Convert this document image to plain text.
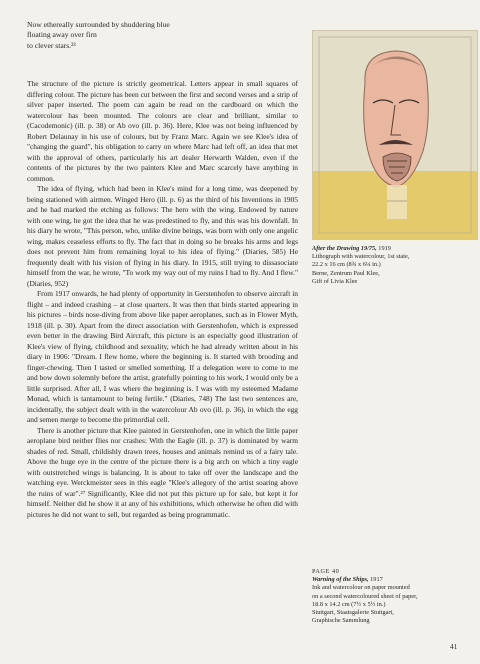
Now ethereally surrounded by shuddering blue
floating away over firn
to clever stars.²³

The structure of the picture is strictly geometrical. Letters appear in small squares of differing colour. The picture has been cut between the first and second verses and a strip of silver paper inserted. The poem can again be read on the cardboard on which the watercolour has been mounted. The colours are clear and brilliant, similar to (Cacodemonic) (ill. p. 38) or Ab ovo (ill. p. 36). Here, Klee was not being influenced by Robert Delaunay in his use of colours, but by Franz Marc. Again we see Klee's idea of "changing the guard", his obligation to carry on where Marc had left off, an idea that met with the approval of others, particularly his art dealer Herwarth Walden, even if the contents of the pictures by the two painters Klee and Marc scarcely have anything in common.

The idea of flying, which had been in Klee's mind for a long time, was deepened by being stationed with airmen. Winged Hero (ill. p. 6) as the third of his Inventions in 1905 and he had marked the etching as follows: The hero with the wing. Endowed by nature with one wing, he got the idea that he was predestined to fly, and this was his downfall. In his diary he wrote, "This person, who, unlike divine beings, was born with only one angelic wing, makes ceaseless efforts to fly. The fact that in doing so he breaks his arms and legs does not prevent him from remaining loyal to his idea of flying." (Diaries, 585) He frequently dealt with his vision of flying in his diary. In 1915, still trying to dissasociate himself from the war, he wrote, "To work my way out of my ruins I had to fly. And I flew." (Diaries, 952)

From 1917 onwards, he had plenty of opportunity in Gerstenhofen to observe aircraft in flight – and indeed crashing – at close quarters. It was then that birds started appearing in his pictures – birds nose-diving from above like paper aeroplanes, such as in Flower Myth, 1918 (ill. p. 30). Apart from the direct association with Gerstenhofen, which is expressed even better in the drawing Bird Aircraft, this picture is an especially good illustration of Klee's view of flying, childhood and sexuality, which he had already written about in his diary in 1906: "Dream. I flew home, where the beginning is. It started with brooding and finger-chewing. Then I tasted or smelled something. If a delegation were to come to me and bow down solemnly before the artist, gratefully pointing to his work, I would only be a little surprised. After all, I was where the beginning is. I was with my esteemed Madame Monad, which is tantamount to being fertile." (Diaries, 748) The last two sentences are, incidentally, the subject dealt with in the watercolour Ab ovo (ill. p. 36), in which the egg and semen merge to become the primordial cell.

There is another picture that Klee painted in Gerstenhofen, one in which the little paper aeroplane bird neither flies nor crashes: With the Eagle (ill. p. 37) is dominated by warm shades of red. Small, childishly drawn trees, houses and animals remind us of a fairy tale. Above the huge eye in the centre of the picture there is a big arch on which a tiny eagle with outstretched wings is balancing. It is about to take off over the landscape and the watching eye. Werckmeister sees in this eagle "Klee's allegory of the artist soaring above the ruins of war".²⁷ Significantly, Klee did not put this picture up for sale, but kept it for himself. Neither did he show it at any of his exhibitions, which otherwise he often did with pictures he did not want to sell, but regarded as being programmatic.

After the Drawing 19/75, 1919
Lithograph with watercolour, 1st state,
22.2 x 16 cm (8¾ x 6¼ in.)
Berne, Zentrum Paul Klee,
Gift of Livia Klee
PAGE 40
Warning of the Ships, 1917
Ink and watercolour on paper mounted
on a second watercoloured sheet of paper,
18.8 x 14.2 cm (7½ x 5½ in.)
Stuttgart, Staatsgalerie Stuttgart,
Graphische Sammlung
41
